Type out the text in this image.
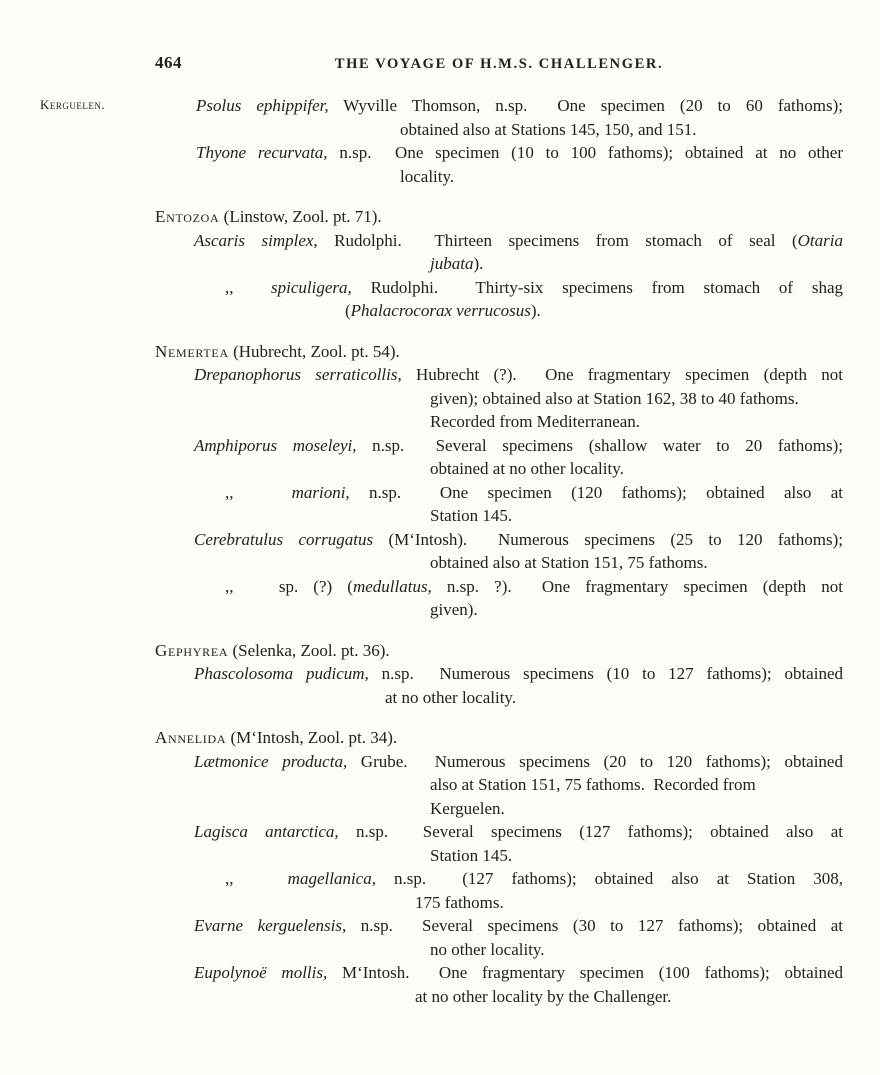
464	THE VOYAGE OF H.M.S. CHALLENGER.
Kerguelen.	Psolus ephippifer, Wyville Thomson, n.sp.  One specimen (20 to 60 fathoms);
obtained also at Stations 145, 150, and 151.
Thyone recurvata, n.sp.  One specimen (10 to 100 fathoms); obtained at no other
locality.
Entozoa (Linstow, Zool. pt. 71).
Ascaris simplex, Rudolphi.  Thirteen specimens from stomach of seal (Otaria
jubata).
,,  spiculigera, Rudolphi.  Thirty-six specimens from stomach of shag
(Phalacrocorax verrucosus).
Nemertea (Hubrecht, Zool. pt. 54).
Drepanophorus serraticollis, Hubrecht (?).  One fragmentary specimen (depth not
given); obtained also at Station 162, 38 to 40 fathoms.
Recorded from Mediterranean.
Amphiporus moseleyi, n.sp.  Several specimens (shallow water to 20 fathoms);
obtained at no other locality.
,,   marioni, n.sp.  One specimen (120 fathoms); obtained also at
Station 145.
Cerebratulus corrugatus (M‘Intosh).  Numerous specimens (25 to 120 fathoms);
obtained also at Station 151, 75 fathoms.
,,   sp. (?) (medullatus, n.sp. ?).  One fragmentary specimen (depth not
given).
Gephyrea (Selenka, Zool. pt. 36).
Phascolosoma pudicum, n.sp.  Numerous specimens (10 to 127 fathoms); obtained
at no other locality.
Annelida (M‘Intosh, Zool. pt. 34).
Lætmonice producta, Grube.  Numerous specimens (20 to 120 fathoms); obtained
also at Station 151, 75 fathoms.  Recorded from
Kerguelen.
Lagisca antarctica, n.sp.  Several specimens (127 fathoms); obtained also at
Station 145.
,,   magellanica, n.sp.  (127 fathoms); obtained also at Station 308,
175 fathoms.
Evarne kerguelensis, n.sp.  Several specimens (30 to 127 fathoms); obtained at
no other locality.
Eupolynoë mollis, M‘Intosh.  One fragmentary specimen (100 fathoms); obtained
at no other locality by the Challenger.
